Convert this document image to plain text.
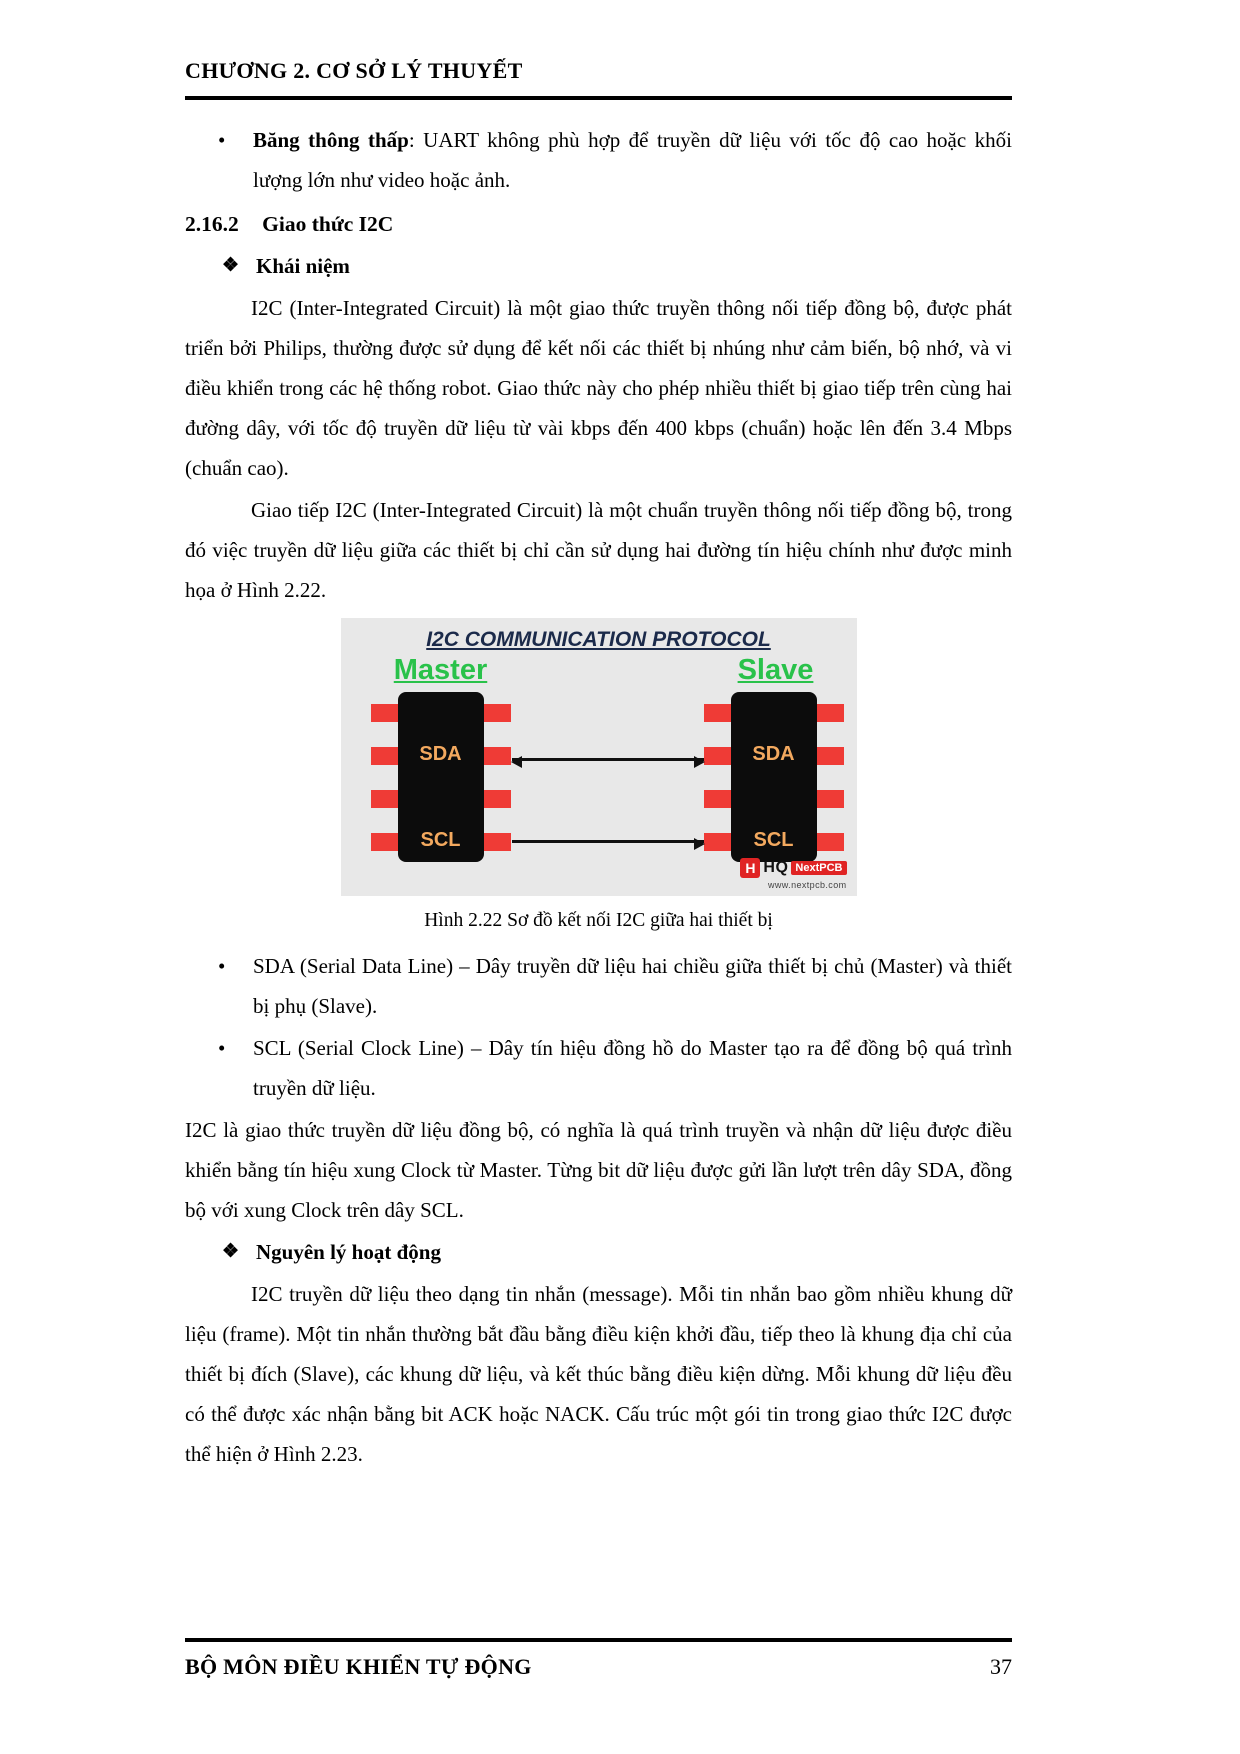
CHƯƠNG 2. CƠ SỞ LÝ THUYẾT
•	Băng thông thấp: UART không phù hợp để truyền dữ liệu với tốc độ cao hoặc khối lượng lớn như video hoặc ảnh.
2.16.2 Giao thức I2C
❖ Khái niệm

I2C (Inter-Integrated Circuit) là một giao thức truyền thông nối tiếp đồng bộ, được phát triển bởi Philips, thường được sử dụng để kết nối các thiết bị nhúng như cảm biến, bộ nhớ, và vi điều khiển trong các hệ thống robot. Giao thức này cho phép nhiều thiết bị giao tiếp trên cùng hai đường dây, với tốc độ truyền dữ liệu từ vài kbps đến 400 kbps (chuẩn) hoặc lên đến 3.4 Mbps (chuẩn cao).

Giao tiếp I2C (Inter-Integrated Circuit) là một chuẩn truyền thông nối tiếp đồng bộ, trong đó việc truyền dữ liệu giữa các thiết bị chỉ cần sử dụng hai đường tín hiệu chính như được minh họa ở Hình 2.22.

I2C COMMUNICATION PROTOCOL
Master	Slave
SDA
SCL
SDA
SCL
H HQ NextPCB
www.nextpcb.com
Hình 2.22 Sơ đồ kết nối I2C giữa hai thiết bị
•	SDA (Serial Data Line) – Dây truyền dữ liệu hai chiều giữa thiết bị chủ (Master) và thiết bị phụ (Slave).
•	SCL (Serial Clock Line) – Dây tín hiệu đồng hồ do Master tạo ra để đồng bộ quá trình truyền dữ liệu.

I2C là giao thức truyền dữ liệu đồng bộ, có nghĩa là quá trình truyền và nhận dữ liệu được điều khiển bằng tín hiệu xung Clock từ Master. Từng bit dữ liệu được gửi lần lượt trên dây SDA, đồng bộ với xung Clock trên dây SCL.

❖ Nguyên lý hoạt động

I2C truyền dữ liệu theo dạng tin nhắn (message). Mỗi tin nhắn bao gồm nhiều khung dữ liệu (frame). Một tin nhắn thường bắt đầu bằng điều kiện khởi đầu, tiếp theo là khung địa chỉ của thiết bị đích (Slave), các khung dữ liệu, và kết thúc bằng điều kiện dừng. Mỗi khung dữ liệu đều có thể được xác nhận bằng bit ACK hoặc NACK. Cấu trúc một gói tin trong giao thức I2C được thể hiện ở Hình 2.23.

BỘ MÔN ĐIỀU KHIỂN TỰ ĐỘNG	37
